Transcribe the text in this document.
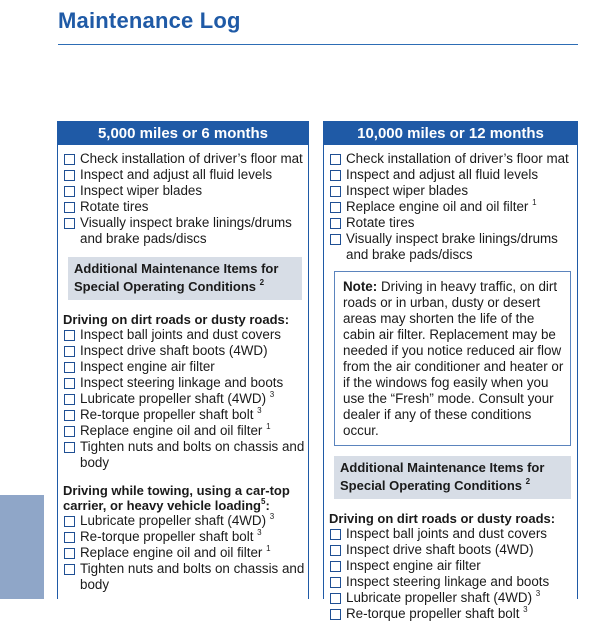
Maintenance Log
5,000 miles or 6 months
Check installation of driver’s floor mat
Inspect and adjust all fluid levels
Inspect wiper blades
Rotate tires
Visually inspect brake linings/drums and brake pads/discs
Additional Maintenance Items for
Special Operating Conditions $^2$
Driving on dirt roads or dusty roads:
Inspect ball joints and dust covers
Inspect drive shaft boots (4WD)
Inspect engine air filter
Inspect steering linkage and boots
Lubricate propeller shaft (4WD) $^3$
Re-torque propeller shaft bolt $^3$
Replace engine oil and oil filter $^1$
Tighten nuts and bolts on chassis and body
Driving while towing, using a car-top carrier, or heavy vehicle loading$^5$:
Lubricate propeller shaft (4WD) $^3$
Re-torque propeller shaft bolt $^3$
Replace engine oil and oil filter $^1$
Tighten nuts and bolts on chassis and body
10,000 miles or 12 months
Check installation of driver’s floor mat
Inspect and adjust all fluid levels
Inspect wiper blades
Replace engine oil and oil filter $^1$
Rotate tires
Visually inspect brake linings/drums and brake pads/discs
Note: Driving in heavy traffic, on dirt roads or in urban, dusty or desert areas may shorten the life of the cabin air filter. Replacement may be needed if you notice reduced air flow from the air conditioner and heater or if the windows fog easily when you use the “Fresh” mode. Consult your dealer if any of these conditions occur.
Additional Maintenance Items for
Special Operating Conditions $^2$
Driving on dirt roads or dusty roads:
Inspect ball joints and dust covers
Inspect drive shaft boots (4WD)
Inspect engine air filter
Inspect steering linkage and boots
Lubricate propeller shaft (4WD) $^3$
Re-torque propeller shaft bolt $^3$
